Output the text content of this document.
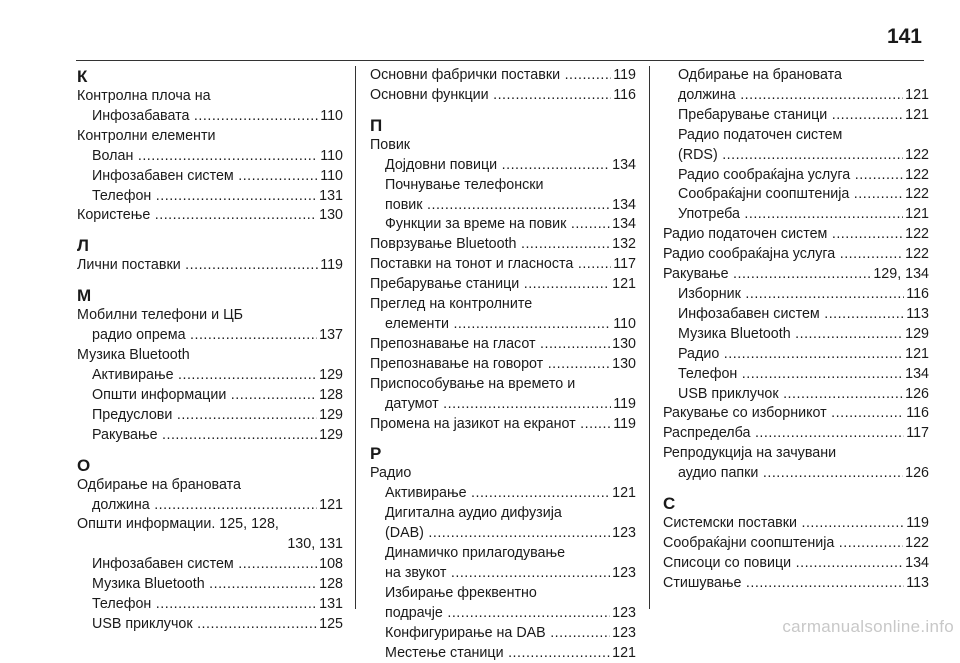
141
К
Контролна плоча на
Инфозабавата .....	110
Контролни елементи
Волан .....	110
Инфозабавен систем .....	110
Телефон .....	131
Користење .....	130
Л
Лични поставки .....	119
М
Мобилни телефони и ЦБ
радио опрема .....	137
Музика Bluetooth
Активирање .....	129
Општи информации .....	128
Предуслови .....	129
Ракување .....	129
О
Одбирање на брановата
должина .....	121
Општи информации. 125, 128,
130, 131
Инфозабавен систем .....	108
Музика Bluetooth .....	128
Телефон .....	131
USB приклучок .....	125
Основни фабрички поставки .....	119
Основни функции .....	116
П
Повик
Дојдовни повици .....	134
Почнување телефонски
повик .....	134
Функции за време на повик .....	134
Поврзување Bluetooth .....	132
Поставки на тонот и гласноста .....	117
Пребарување станици .....	121
Преглед на контролните
елементи .....	110
Препознавање на гласот .....	130
Препознавање на говорот .....	130
Приспособување на времето и
датумот .....	119
Промена на јазикот на екранот .....	119
Р
Радио
Активирање .....	121
Дигитална аудио дифузија
(DAB) .....	123
Динамичко прилагодување
на звукот .....	123
Избирање фреквентно
подрачје .....	123
Конфигурирање на DAB .....	123
Местење станици .....	121
Одбирање на брановата
должина .....	121
Пребарување станици .....	121
Радио податочен систем
(RDS) .....	122
Радио сообраќајна услуга .....	122
Сообраќајни соопштенија .....	122
Употреба .....	121
Радио податочен систем .....	122
Радио сообраќајна услуга .....	122
Ракување .....	129, 134
Изборник .....	116
Инфозабавен систем .....	113
Музика Bluetooth .....	129
Радио .....	121
Телефон .....	134
USB приклучок .....	126
Ракување со изборникот .....	116
Распределба .....	117
Репродукција на зачувани
аудио папки .....	126
С
Системски поставки .....	119
Сообраќајни соопштенија .....	122
Списоци со повици .....	134
Стишување .....	113
carmanualsonline.info
